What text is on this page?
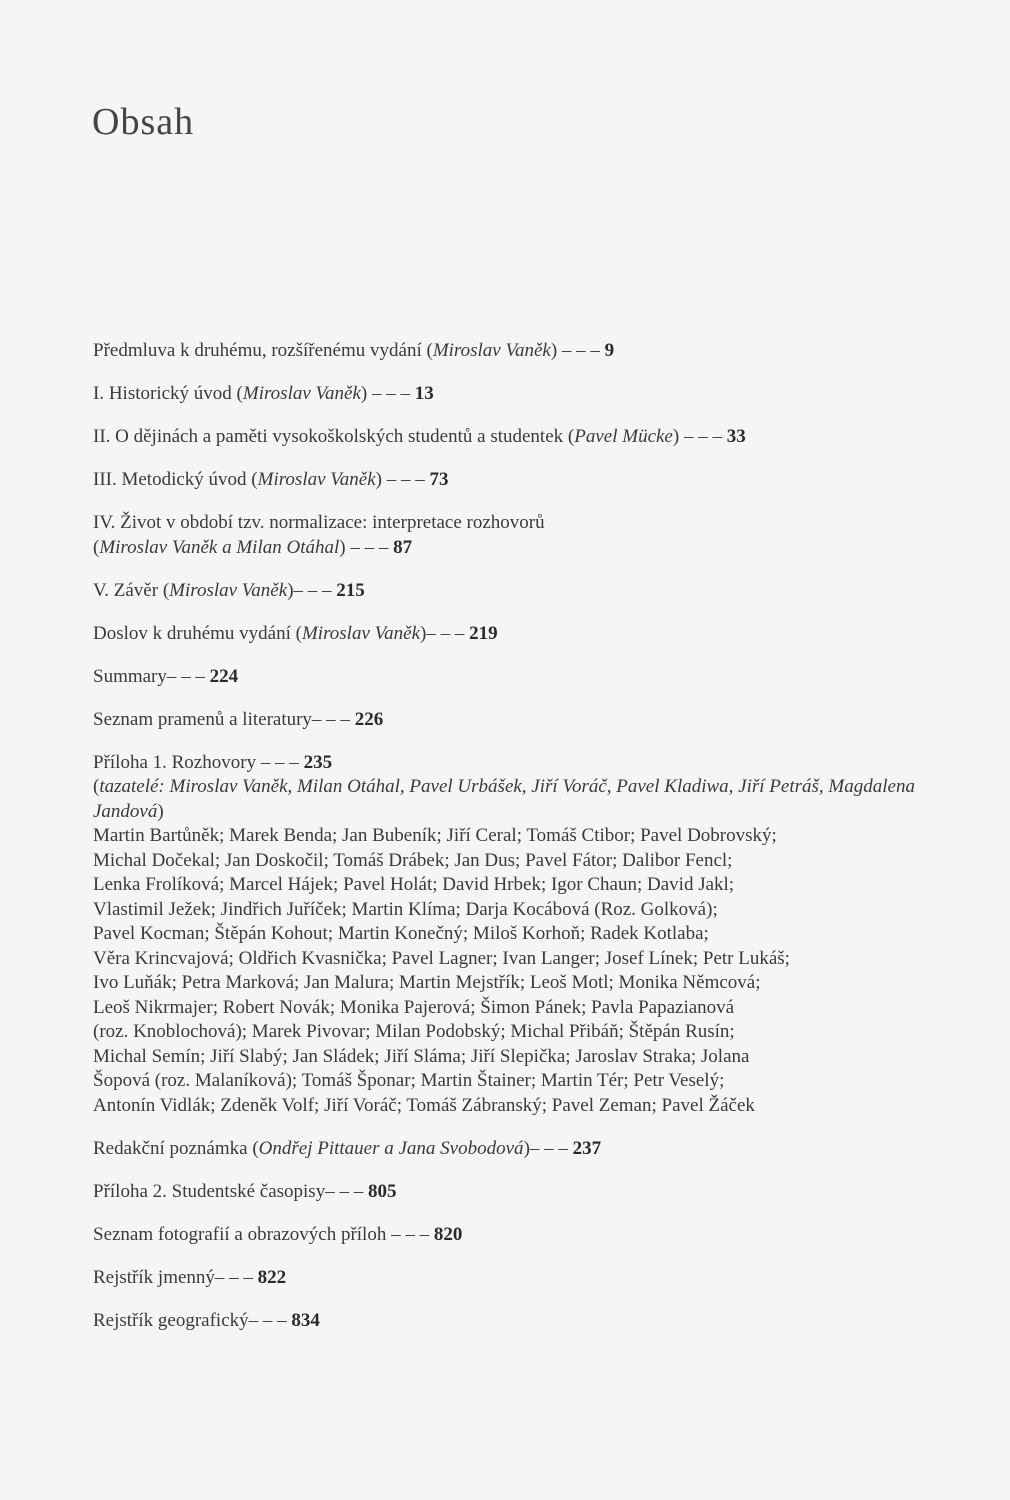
Obsah
Předmluva k druhému, rozšířenému vydání (Miroslav Vaněk) – – – 9
I. Historický úvod (Miroslav Vaněk) – – – 13
II. O dějinách a paměti vysokoškolských studentů a studentek (Pavel Mücke) – – – 33
III. Metodický úvod (Miroslav Vaněk) – – – 73
IV. Život v období tzv. normalizace: interpretace rozhovorů
(Miroslav Vaněk a Milan Otáhal) – – – 87
V. Závěr (Miroslav Vaněk)– – – 215
Doslov k druhému vydání (Miroslav Vaněk)– – – 219
Summary– – – 224
Seznam pramenů a literatury– – – 226
Příloha 1. Rozhovory – – – 235
(tazatelé: Miroslav Vaněk, Milan Otáhal, Pavel Urbášek, Jiří Voráč, Pavel Kladiwa, Jiří Petráš, Magdalena Jandová)
Martin Bartůněk; Marek Benda; Jan Bubeník; Jiří Ceral; Tomáš Ctibor; Pavel Dobrovský;
Michal Dočekal; Jan Doskočil; Tomáš Drábek; Jan Dus; Pavel Fátor; Dalibor Fencl;
Lenka Frolíková; Marcel Hájek; Pavel Holát; David Hrbek; Igor Chaun; David Jakl;
Vlastimil Ježek; Jindřich Juříček; Martin Klíma; Darja Kocábová (Roz. Golková);
Pavel Kocman; Štěpán Kohout; Martin Konečný; Miloš Korhoň; Radek Kotlaba;
Věra Krincvajová; Oldřich Kvasnička; Pavel Lagner; Ivan Langer; Josef Línek; Petr Lukáš;
Ivo Luňák; Petra Marková; Jan Malura; Martin Mejstřík; Leoš Motl; Monika Němcová;
Leoš Nikrmajer; Robert Novák; Monika Pajerová; Šimon Pánek; Pavla Papazianová
(roz. Knoblochová); Marek Pivovar; Milan Podobský; Michal Přibáň; Štěpán Rusín;
Michal Semín; Jiří Slabý; Jan Sládek; Jiří Sláma; Jiří Slepička; Jaroslav Straka; Jolana
Šopová (roz. Malaníková); Tomáš Šponar; Martin Štainer; Martin Tér; Petr Veselý;
Antonín Vidlák; Zdeněk Volf; Jiří Voráč; Tomáš Zábranský; Pavel Zeman; Pavel Žáček
Redakční poznámka (Ondřej Pittauer a Jana Svobodová)– – – 237
Příloha 2. Studentské časopisy– – – 805
Seznam fotografií a obrazových příloh – – – 820
Rejstřík jmenný– – – 822
Rejstřík geografický– – – 834
